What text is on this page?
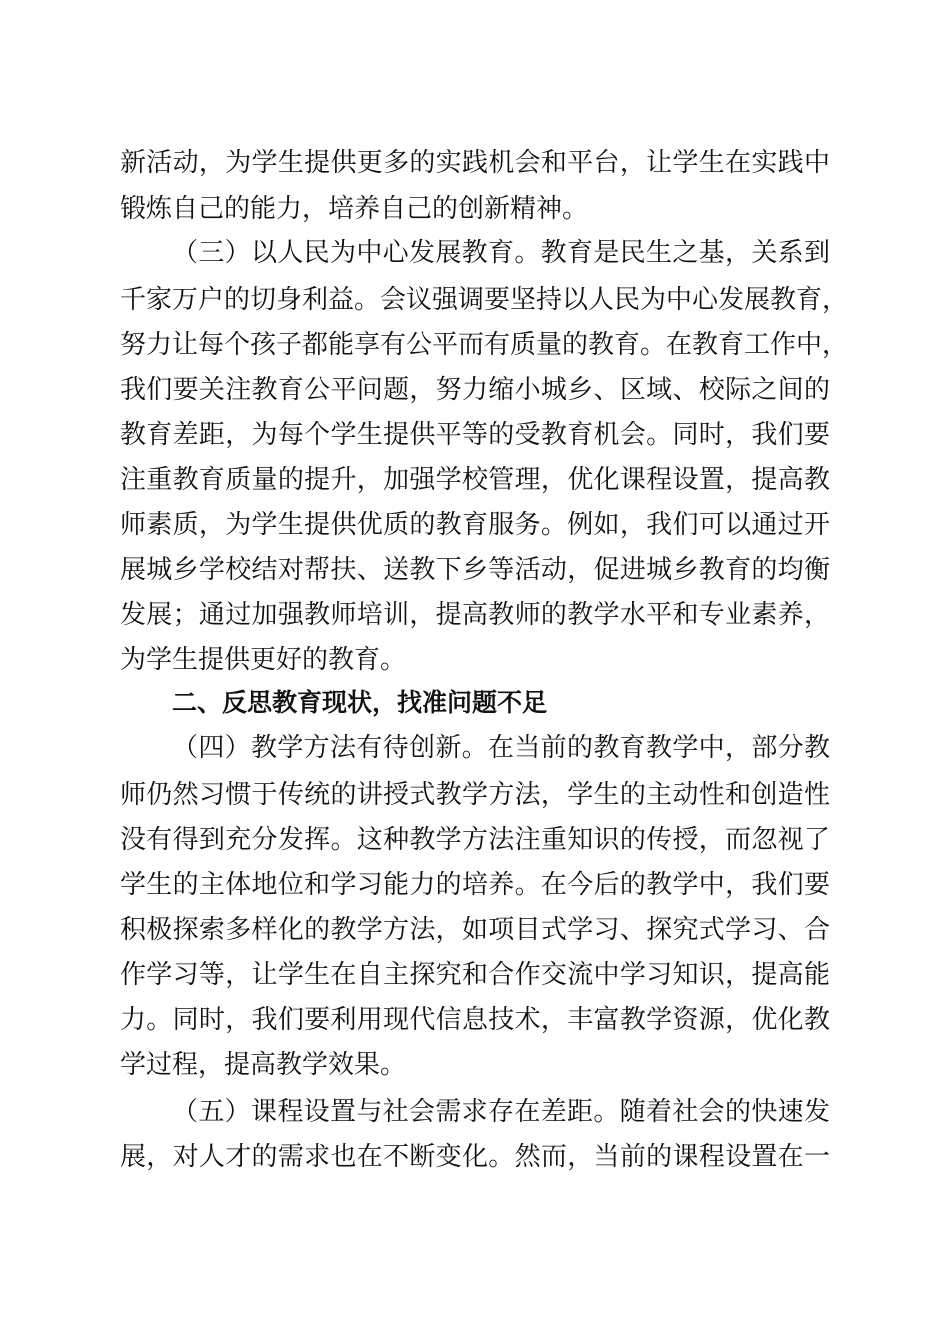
新活动，为学生提供更多的实践机会和平台，让学生在实践中
锻炼自己的能力，培养自己的创新精神。
（三）以人民为中心发展教育。教育是民生之基，关系到
千家万户的切身利益。会议强调要坚持以人民为中心发展教育，
努力让每个孩子都能享有公平而有质量的教育。在教育工作中，
我们要关注教育公平问题，努力缩小城乡、区域、校际之间的
教育差距，为每个学生提供平等的受教育机会。同时，我们要
注重教育质量的提升，加强学校管理，优化课程设置，提高教
师素质，为学生提供优质的教育服务。例如，我们可以通过开
展城乡学校结对帮扶、送教下乡等活动，促进城乡教育的均衡
发展；通过加强教师培训，提高教师的教学水平和专业素养，
为学生提供更好的教育。
二、反思教育现状，找准问题不足
（四）教学方法有待创新。在当前的教育教学中，部分教
师仍然习惯于传统的讲授式教学方法，学生的主动性和创造性
没有得到充分发挥。这种教学方法注重知识的传授，而忽视了
学生的主体地位和学习能力的培养。在今后的教学中，我们要
积极探索多样化的教学方法，如项目式学习、探究式学习、合
作学习等，让学生在自主探究和合作交流中学习知识，提高能
力。同时，我们要利用现代信息技术，丰富教学资源，优化教
学过程，提高教学效果。
（五）课程设置与社会需求存在差距。随着社会的快速发
展，对人才的需求也在不断变化。然而，当前的课程设置在一
